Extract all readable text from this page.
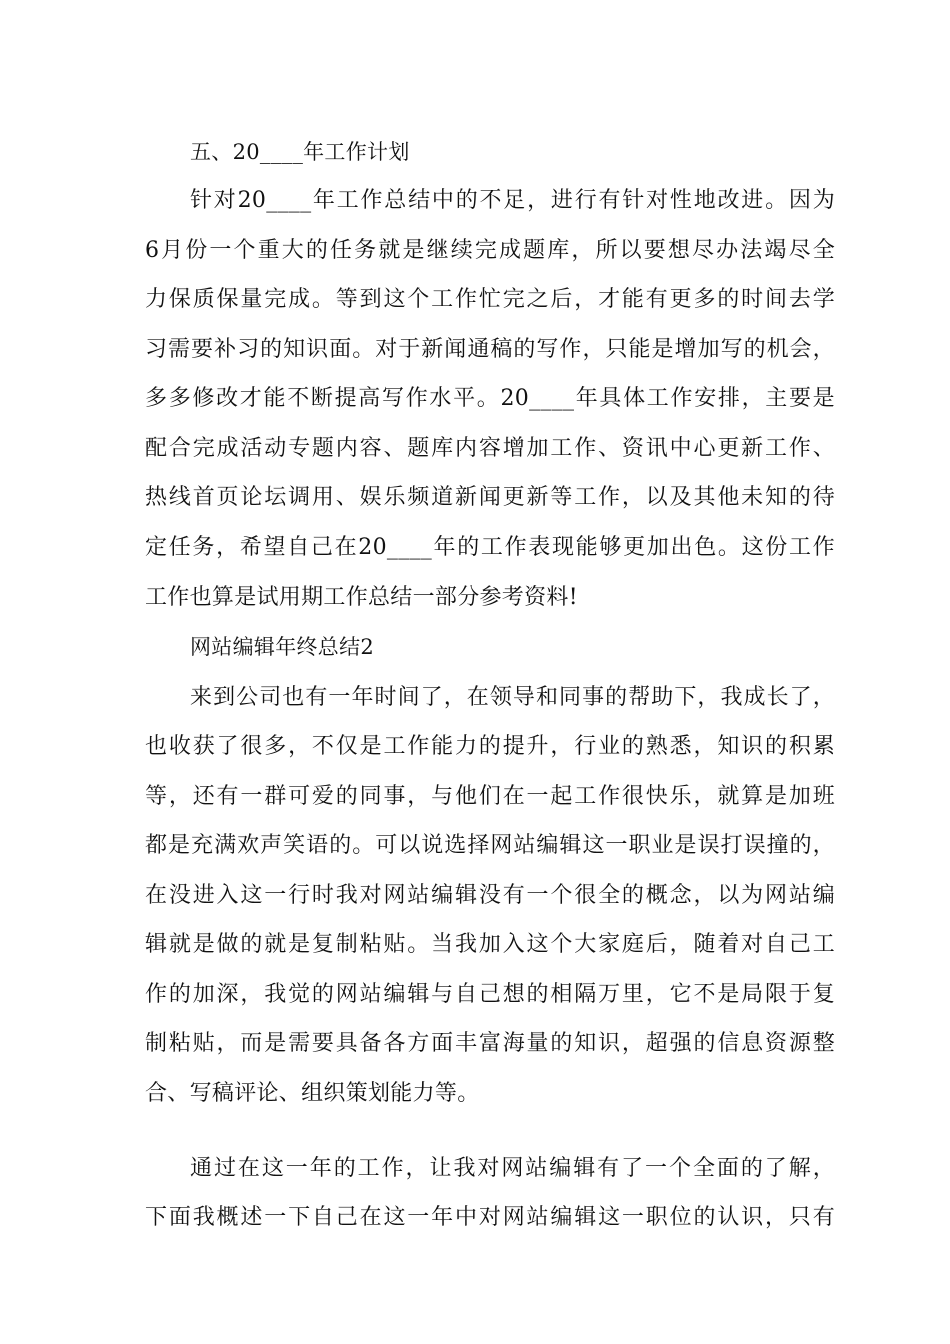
五、20____年工作计划
针对20____年工作总结中的不足，进行有针对性地改进。因为
6月份一个重大的任务就是继续完成题库，所以要想尽办法竭尽全
力保质保量完成。等到这个工作忙完之后，才能有更多的时间去学
习需要补习的知识面。对于新闻通稿的写作，只能是增加写的机会，
多多修改才能不断提高写作水平。20____年具体工作安排，主要是
配合完成活动专题内容、题库内容增加工作、资讯中心更新工作、
热线首页论坛调用、娱乐频道新闻更新等工作，以及其他未知的待
定任务，希望自己在20____年的工作表现能够更加出色。这份工作
工作也算是试用期工作总结一部分参考资料!
网站编辑年终总结2
来到公司也有一年时间了，在领导和同事的帮助下，我成长了，
也收获了很多，不仅是工作能力的提升，行业的熟悉，知识的积累
等，还有一群可爱的同事，与他们在一起工作很快乐，就算是加班
都是充满欢声笑语的。可以说选择网站编辑这一职业是误打误撞的，
在没进入这一行时我对网站编辑没有一个很全的概念，以为网站编
辑就是做的就是复制粘贴。当我加入这个大家庭后，随着对自己工
作的加深，我觉的网站编辑与自己想的相隔万里，它不是局限于复
制粘贴，而是需要具备各方面丰富海量的知识，超强的信息资源整
合、写稿评论、组织策划能力等。
通过在这一年的工作，让我对网站编辑有了一个全面的了解，
下面我概述一下自己在这一年中对网站编辑这一职位的认识，只有
